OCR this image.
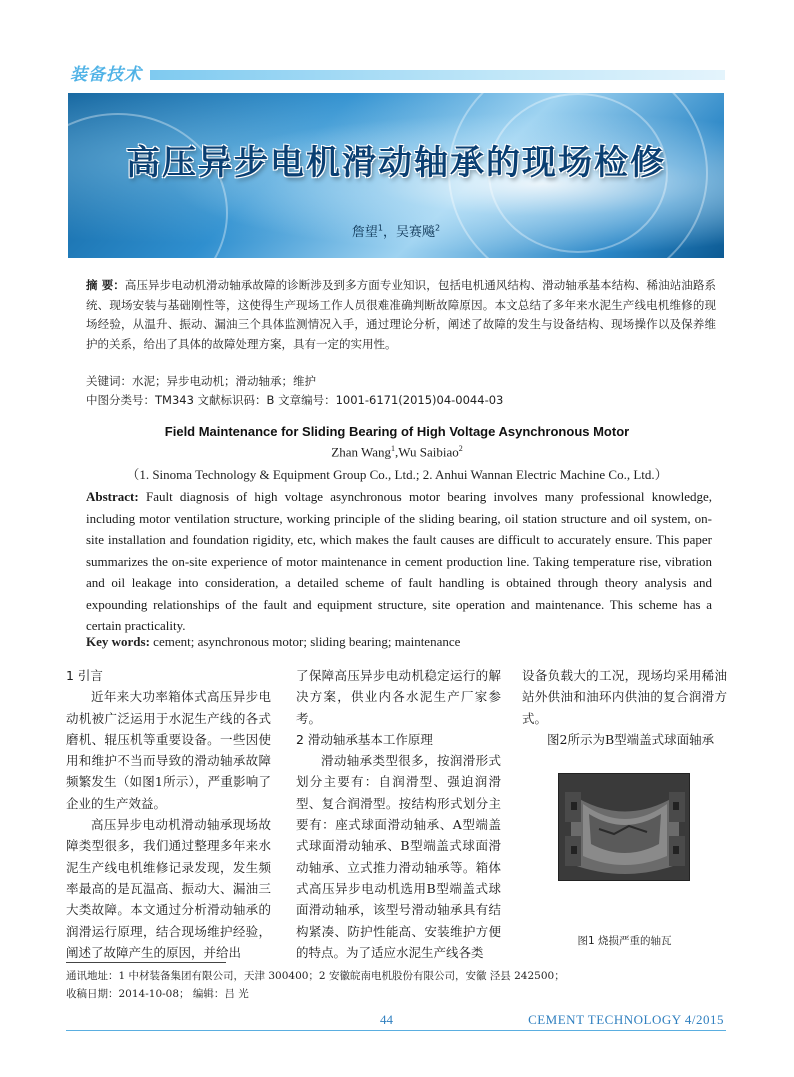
装备技术
高压异步电机滑动轴承的现场检修
詹望$^1$，吴赛飚$^2$
摘 要：高压异步电动机滑动轴承故障的诊断涉及到多方面专业知识，包括电机通风结构、滑动轴承基本结构、稀油站油路系统、现场安装与基础刚性等，这使得生产现场工作人员很难准确判断故障原因。本文总结了多年来水泥生产线电机维修的现场经验，从温升、振动、漏油三个具体监测情况入手，通过理论分析，阐述了故障的发生与设备结构、现场操作以及保养维护的关系，给出了具体的故障处理方案，具有一定的实用性。
关键词：水泥；异步电动机；滑动轴承；维护
中图分类号：TM343 文献标识码：B 文章编号：1001-6171(2015)04-0044-03
Field Maintenance for Sliding Bearing of High Voltage Asynchronous Motor
Zhan Wang$^1$,Wu Saibiao$^2$
（1. Sinoma Technology & Equipment Group Co., Ltd.; 2. Anhui Wannan Electric Machine Co., Ltd.）
Abstract: Fault diagnosis of high voltage asynchronous motor bearing involves many professional knowledge, including motor ventilation structure, working principle of the sliding bearing, oil station structure and oil system, on-site installation and foundation rigidity, etc, which makes the fault causes are difficult to accurately ensure. This paper summarizes the on-site experience of motor maintenance in cement production line. Taking temperature rise, vibration and oil leakage into consideration, a detailed scheme of fault handling is obtained through theory analysis and expounding relationships of the fault and equipment structure, site operation and maintenance. This scheme has a certain practicality.
Key words: cement; asynchronous motor; sliding bearing; maintenance

1 引言

近年来大功率箱体式高压异步电动机被广泛运用于水泥生产线的各式磨机、辊压机等重要设备。一些因使用和维护不当而导致的滑动轴承故障频繁发生（如图1所示），严重影响了企业的生产效益。

高压异步电动机滑动轴承现场故障类型很多，我们通过整理多年来水泥生产线电机维修记录发现，发生频率最高的是瓦温高、振动大、漏油三大类故障。本文通过分析滑动轴承的润滑运行原理，结合现场维护经验，阐述了故障产生的原因，并给出

了保障高压异步电动机稳定运行的解决方案，供业内各水泥生产厂家参考。

2 滑动轴承基本工作原理

滑动轴承类型很多，按润滑形式划分主要有：自润滑型、强迫润滑型、复合润滑型。按结构形式划分主要有：座式球面滑动轴承、A型端盖式球面滑动轴承、B型端盖式球面滑动轴承、立式推力滑动轴承等。箱体式高压异步电动机选用B型端盖式球面滑动轴承，该型号滑动轴承具有结构紧凑、防护性能高、安装维护方便的特点。为了适应水泥生产线各类

设备负载大的工况，现场均采用稀油站外供油和油环内供油的复合润滑方式。

图2所示为B型端盖式球面轴承

图1 烧损严重的轴瓦
通讯地址：1 中材装备集团有限公司，天津 300400；2 安徽皖南电机股份有限公司，安徽 泾县 242500；
收稿日期：2014-10-08； 编辑：吕 光
44	CEMENT TECHNOLOGY 4/2015
